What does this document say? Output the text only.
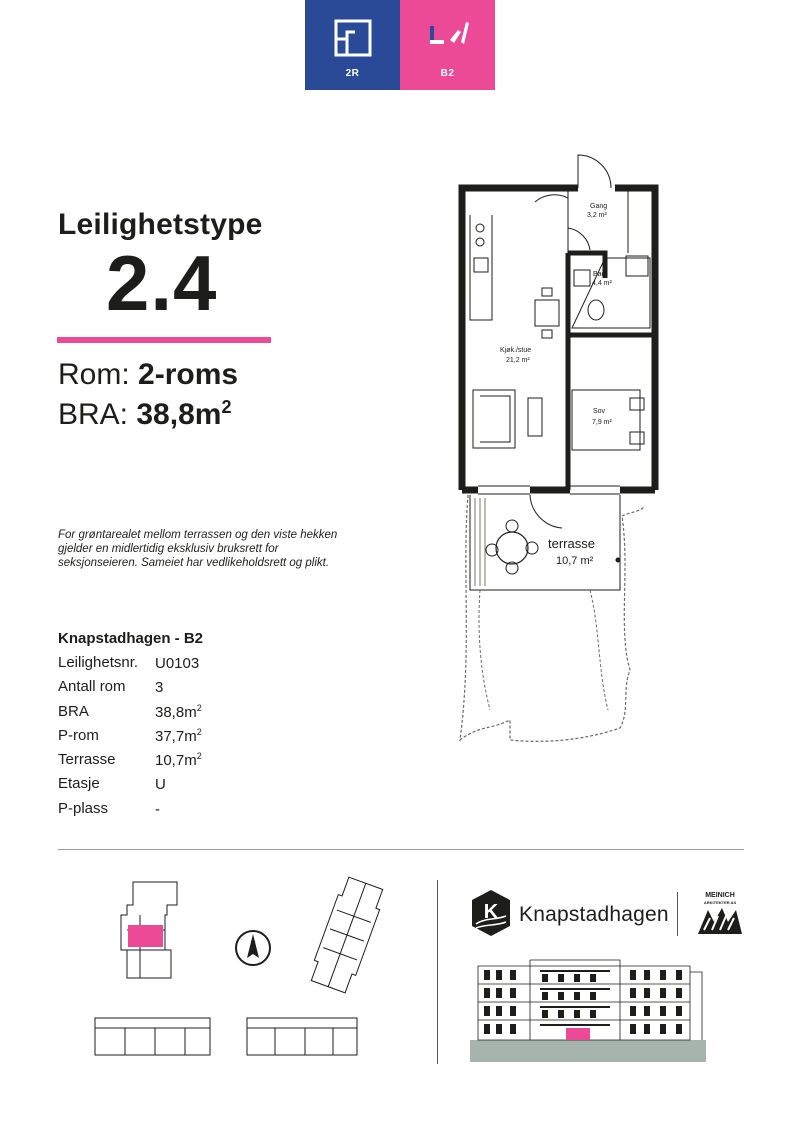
2R	B2
Leilighetstype
2.4
Rom: 2-roms
BRA: $38,8m^2$
For grøntarealet mellom terrassen og den viste hekken gjelder en midlertidig eksklusiv bruksrett for seksjonseieren. Sameiet har vedlikeholdsrett og plikt.
Knapstadhagen - B2
Leilighetsnr.	U0103
Antall rom	3
BRA	$38,8m^2$
P-rom	$37,7m^2$
Terrasse	$10,7m^2$
Etasje	U
P-plass	-
Gang
3,2 m²
Bad
4,4 m²
Kjøk./stue
21,2 m²
Sov
7,9 m²
terrasse
10,7 m²
N
K Knapstadhagen
MEINICH
ARKITEKTER AS
